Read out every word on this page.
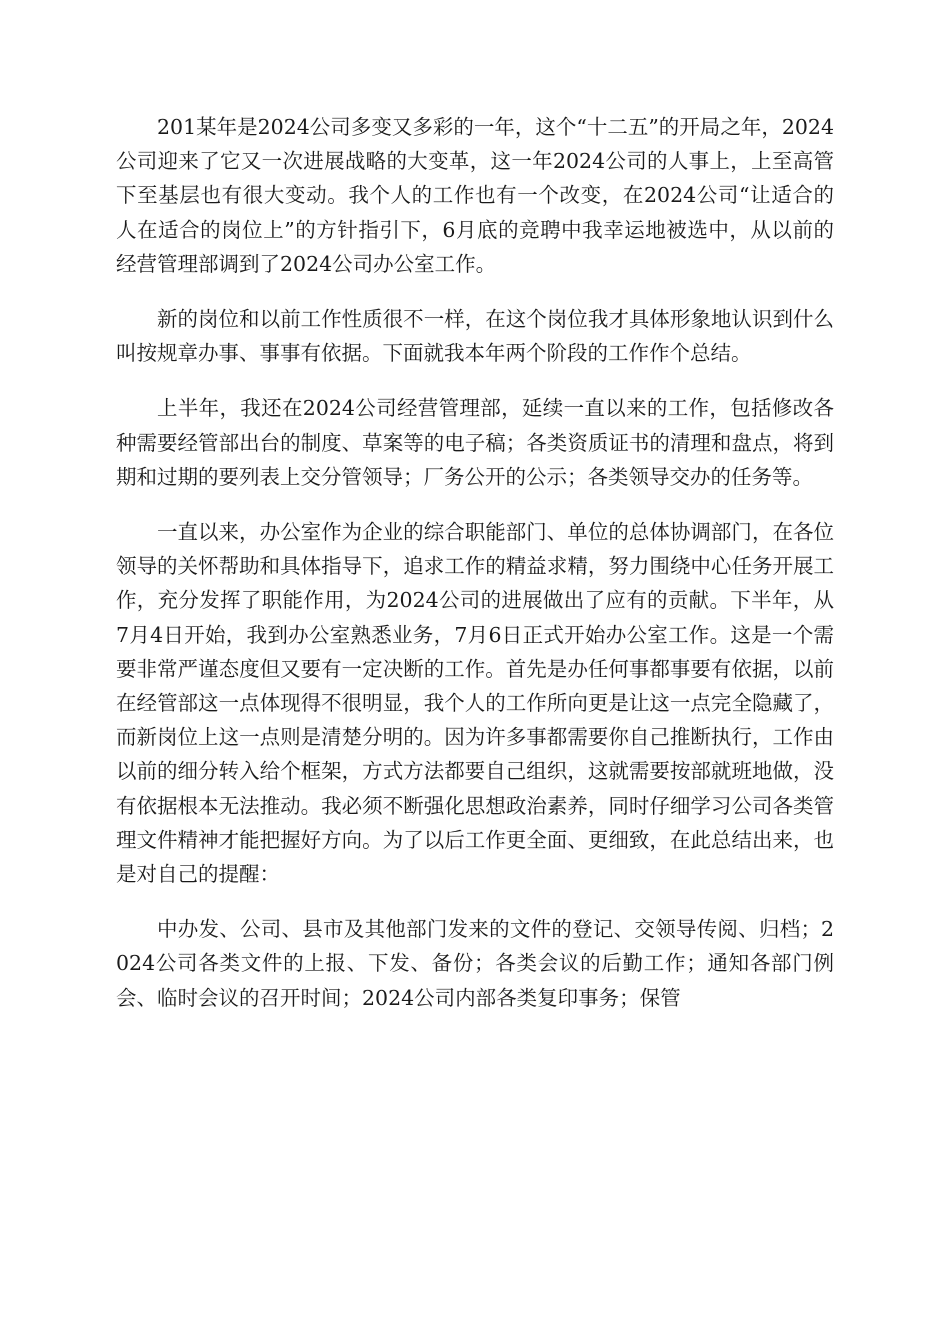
201某年是2024公司多变又多彩的一年，这个“十二五”的开局之年，2024公司迎来了它又一次进展战略的大变革，这一年2024公司的人事上，上至高管下至基层也有很大变动。我个人的工作也有一个改变，在2024公司“让适合的人在适合的岗位上”的方针指引下，6月底的竞聘中我幸运地被选中，从以前的经营管理部调到了2024公司办公室工作。

新的岗位和以前工作性质很不一样，在这个岗位我才具体形象地认识到什么叫按规章办事、事事有依据。下面就我本年两个阶段的工作作个总结。

上半年，我还在2024公司经营管理部，延续一直以来的工作，包括修改各种需要经管部出台的制度、草案等的电子稿；各类资质证书的清理和盘点，将到期和过期的要列表上交分管领导；厂务公开的公示；各类领导交办的任务等。

一直以来，办公室作为企业的综合职能部门、单位的总体协调部门，在各位领导的关怀帮助和具体指导下，追求工作的精益求精，努力围绕中心任务开展工作，充分发挥了职能作用，为2024公司的进展做出了应有的贡献。下半年，从7月4日开始，我到办公室熟悉业务，7月6日正式开始办公室工作。这是一个需要非常严谨态度但又要有一定决断的工作。首先是办任何事都事要有依据，以前在经管部这一点体现得不很明显，我个人的工作所向更是让这一点完全隐藏了，而新岗位上这一点则是清楚分明的。因为许多事都需要你自己推断执行，工作由以前的细分转入给个框架，方式方法都要自己组织，这就需要按部就班地做，没有依据根本无法推动。我必须不断强化思想政治素养，同时仔细学习公司各类管理文件精神才能把握好方向。为了以后工作更全面、更细致，在此总结出来，也是对自己的提醒：

中办发、公司、县市及其他部门发来的文件的登记、交领导传阅、归档；2024公司各类文件的上报、下发、备份；各类会议的后勤工作；通知各部门例会、临时会议的召开时间；2024公司内部各类复印事务；保管
